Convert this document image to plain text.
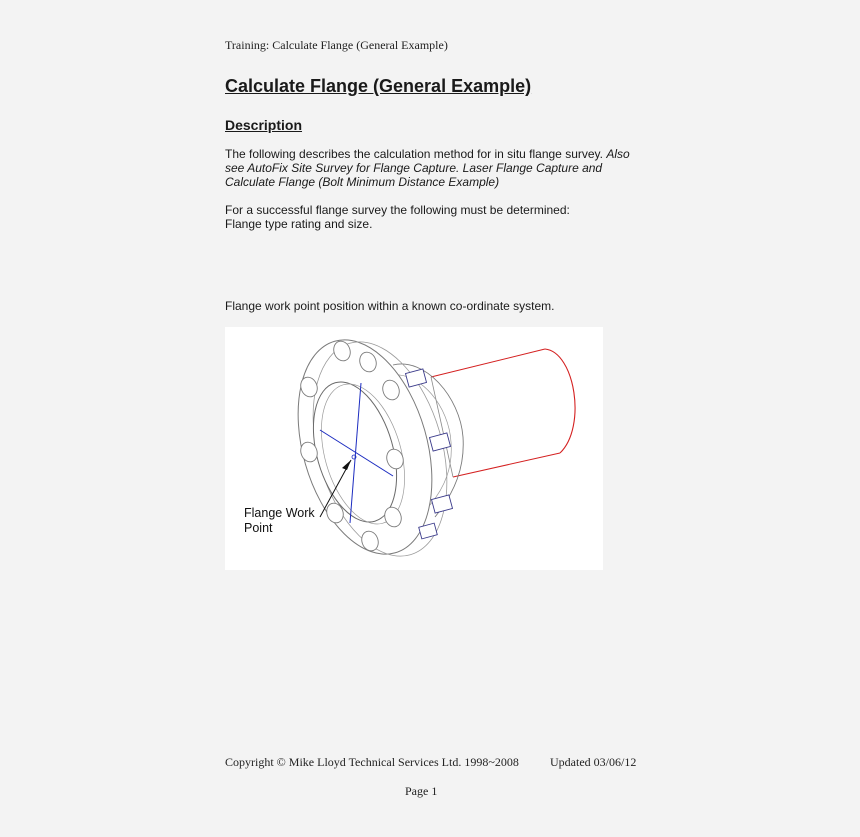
Training: Calculate Flange (General Example)
Calculate Flange (General Example)
Description

The following describes the calculation method for in situ flange survey. Also see AutoFix Site Survey for Flange Capture. Laser Flange Capture and Calculate Flange (Bolt Minimum Distance Example)

For a successful flange survey the following must be determined:
Flange type rating and size.

Flange work point position within a known co-ordinate system.

Flange Work
Point
Copyright © Mike Lloyd Technical Services Ltd. 1998~2008	Updated 03/06/12
Page 1
